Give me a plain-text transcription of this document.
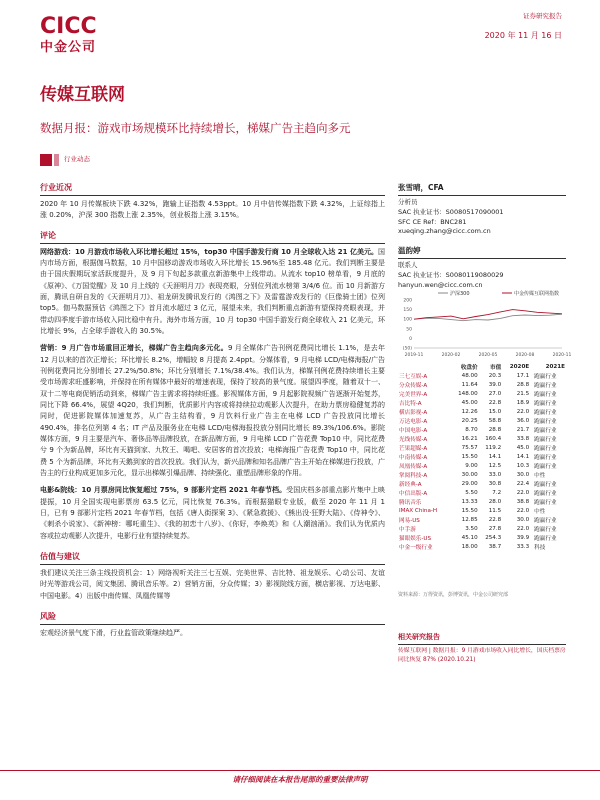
CICC
中金公司
证券研究报告
2020 年 11 月 16 日
传媒互联网
数据月报：游戏市场规模环比持续增长，梯媒广告主趋向多元
行业动态
行业近况
2020 年 10 月传媒板块下跌 4.32%，跑输上证指数 4.53ppt。10 月中信传媒指数下跌 4.32%，上证综指上涨 0.20%，沪深 300 指数上涨 2.35%，创业板指上涨 3.15%。
评论
网络游戏：10 月游戏市场收入环比增长超过 15%，top30 中国手游发行商 10 月全球收入达 21 亿美元。国内市场方面，根据伽马数据，10 月中国移动游戏市场收入环比增长 15.96%至 185.48 亿元。我们判断主要是由于国庆假期玩家活跃度提升，及 9 月下旬起多款重点新游集中上线带动。从流水 top10 榜单看，9 月底的《原神》、《万国觉醒》及 10 月上线的《天涯明月刀》表现亮眼，分别位列流水榜第 3/4/6 位。而 10 月新游方面，腾讯自研自发的《天涯明月刀》、祖龙研发腾讯发行的《鸿图之下》及雷霆游戏发行的《巨像骑士团》位列 top5。伽马数据预估《鸿图之下》首月流水超过 3 亿元，展望未来，我们判断重点新游有望保持亮眼表现，并带动四季度手游市场收入同比稳中有升。海外市场方面，10 月 top30 中国手游发行商全球收入 21 亿美元，环比增长 9%，占全球手游收入的 30.5%。
营销：9 月广告市场重回正增长，梯媒广告主趋向多元化。9 月全媒体广告刊例花费同比增长 1.1%，是去年 12 月以来的首次正增长；环比增长 8.2%，增幅较 8 月提高 2.4ppt。分媒体看，9 月电梯 LCD/电梯海报/广告刊例花费同比分别增长 27.2%/50.8%；环比分别增长 7.1%/38.4%。我们认为，梯媒刊例花费持续增长主要受市场需求旺盛影响，并保持在所有媒体中最好的增速表现，保持了较高的景气度。展望四季度，随着双十一、双十二等电商促销活动到来，梯媒广告主需求将持续旺盛。影视媒体方面，9 月起影院视频广告逐渐开始复苏，同比下降 66.4%，展望 4Q20，我们判断，优质影片内容或将持续拉动观影人次提升，在助力票房稳健复苏的同时，促进影院媒体加速复苏，从广告主结构看，9 月饮料行业广告主在电梯 LCD 广告投放同比增长 490.4%，排名位列第 4 名；IT 产品及服务业在电梯 LCD/电梯海报投放分别同比增长 89.3%/106.6%。影院媒体方面，9 月主要是汽车、奢侈品等品牌投放，在新品牌方面，9 月电梯 LCD 广告花费 Top10 中，同比花费兮 9 个为新品牌，环比有天猫到家、九牧王、喝吧、安居客的首次投放；电梯海报广告花费 Top10 中，同比花费 5 个为新品牌，环比有天鹅到家的首次投放。我们认为，新兴品牌和知名品牌广告主开始在梯媒进行投放，广告主的行业构成更加多元化，显示出梯媒引爆品牌、持续强化、重塑品牌形象的作用。
电影&院线：10 月票房同比恢复超过 75%，9 部影片定档 2021 年春节档。受国庆档多部重点影片集中上映提振，10 月全国实现电影票房 63.5 亿元，同比恢复 76.3%。而根据猫眼专业版，截至 2020 年 11 月 1 日，已有 9 部影片定档 2021 年春节档，包括《唐人街探案 3》、《紧急救援》、《熊出没·狂野大陆》、《侍神令》、《刺杀小说家》、《新神榜：哪吒重生》、《我的初恋十八岁》、《你好，李焕英》和《人潮汹涌》。我们认为优质内容或拉动观影人次提升，电影行业有望持续复苏。
估值与建议
我们建议关注三条主线投资机会：1）网络视听关注三七互娱、完美世界、吉比特、祖龙娱乐、心动公司、友谊时光等游戏公司，阅文集团、腾讯音乐等。2）营销方面，分众传媒；3）影视院线方面，横店影视、万达电影、中国电影。4）出版中南传媒、凤凰传媒等
风险
宏观经济景气度下滑，行业监管政策继续趋严。
张雪晴，CFA
分析员
SAC 执业证书：S0080517090001
SFC CE Ref：BNC281
xueqing.zhang@cicc.com.cn
温韵婷
联系人
SAC 执业证书：S0080119080029
hanyun.wen@cicc.com.cn
沪深300	中金传媒互联网指数
(50)
0
50
100
150
200
2019-11	2020-02	2020-05	2020-08	2020-11
	收盘价	市值	2020E	2021E
三七互娱-A	48.00	20.3	17.1	跑赢行业
分众传媒-A	11.64	39.0	28.8	跑赢行业
完美世界-A	148.00	27.0	21.5	跑赢行业
吉比特-A	45.00	22.8	18.9	跑赢行业
横店影视-A	12.26	15.0	22.0	跑赢行业
万达电影-A	20.25	58.8	36.0	跑赢行业
中国电影-A	8.70	28.8	21.7	跑赢行业
光线传媒-A	16.21	160.4	33.8	跑赢行业
芒果超媒-A	75.57	119.2	45.0	跑赢行业
中南传媒-A	15.50	14.1	14.1	跑赢行业
凤凰传媒-A	9.00	12.5	10.3	跑赢行业
掌阅科技-A	30.00	33.0	30.0	中性
新经典-A	29.00	30.8	22.4	跑赢行业
中信出版-A	5.50	7.2	22.0	跑赢行业
腾讯音乐	13.33	28.0	38.8	跑赢行业
IMAX China-H	15.50	11.5	22.0	中性
网易-US	12.85	22.8	30.0	跑赢行业
中手游	3.50	27.8	22.0	跑赢行业
猫眼娱乐-US	45.10	254.3	39.9	跑赢行业
中金一级行业	18.00	38.7	33.3	科技
资料来源：万得资讯，彭博资讯，中金公司研究部
相关研究报告
传媒互联网 | 数据月报：9 月游戏市场收入同比增长，国庆档票房同比恢复 87% (2020.10.21)
请仔细阅读在本报告尾部的重要法律声明
